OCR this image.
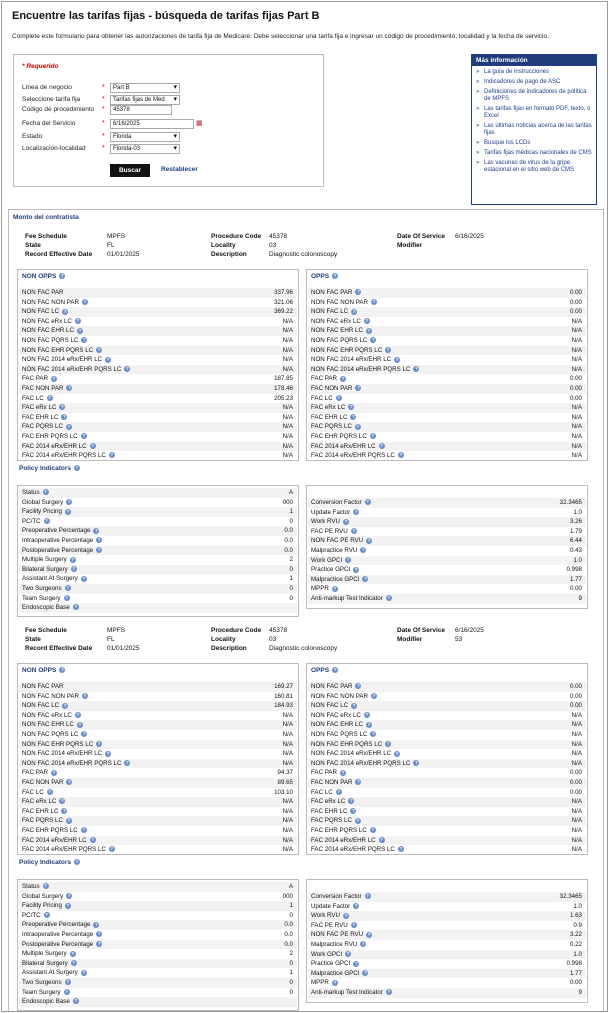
Encuentre las tarifas fijas - búsqueda de tarifas fijas Part B
Complete este formulario para obtener las autorizaciones de tarifa fija de Medicare. Debe seleccionar una tarifa fija e ingresar un código de procedimiento, localidad y la fecha de servicio.
* Requerido
Línea de negocio	*	Part B	▾
Seleccione tarifa fija	*	Tarifas fijas de Med ▾
Código de procedimiento *	45378
Fecha del Servicio	*	6/16/2025	▦
Estado	*	Florida	▾
Localización-localidad *	Florida-03	▾
Buscar	Restablecer
Más información
» La guía de instrucciones
» Indicadores de pago de ASC
» Definiciones de indicadores de política de MPFS
» Las tarifas fijas en formato PDF, texto, o Excel
» Las últimas noticias acerca de las tarifas fijas
» Busque los LCDs
» Tarifas fijas médicas nacionales de CMS
» Las vacunas de virus de la gripe estacional en el sitio web de CMS
Monto del contratista
Fee Schedule	MPFS	Procedure Code 45378	Date Of Service 6/16/2025
State	FL	Locality	03	Modifier
Record Effective Date 01/01/2025	Description	Diagnostic colonoscopy
NON OPPS ?
NON FAC PAR	337.96
NON FAC NON PAR ?	321.06
NON FAC LC ?	369.22
NON FAC eRx LC ?	N/A
NON FAC EHR LC ?	N/A
NON FAC PQRS LC ?	N/A
NON FAC EHR PQRS LC ?	N/A
NON FAC 2014 eRx/EHR LC ?	N/A
NON FAC 2014 eRx/EHR PQRS LC ?	N/A
FAC PAR ?	187.85
FAC NON PAR ?	178.46
FAC LC ?	205.23
FAC eRx LC ?	N/A
FAC EHR LC ?	N/A
FAC PQRS LC ?	N/A
FAC EHR PQRS LC ?	N/A
FAC 2014 eRx/EHR LC ?	N/A
FAC 2014 eRx/EHR PQRS LC ?	N/A
OPPS ?
NON FAC PAR ?	0.00
NON FAC NON PAR ?	0.00
NON FAC LC ?	0.00
NON FAC eRx LC ?	N/A
NON FAC EHR LC ?	N/A
NON FAC PQRS LC ?	N/A
NON FAC EHR PQRS LC ?	N/A
NON FAC 2014 eRx/EHR LC ?	N/A
NON FAC 2014 eRx/EHR PQRS LC ?	N/A
FAC PAR ?	0.00
FAC NON PAR ?	0.00
FAC LC ?	0.00
FAC eRx LC ?	N/A
FAC EHR LC ?	N/A
FAC PQRS LC ?	N/A
FAC EHR PQRS LC ?	N/A
FAC 2014 eRx/EHR LC ?	N/A
FAC 2014 eRx/EHR PQRS LC ?	N/A
Policy Indicators ?
Status ?	A
Global Surgery ?	000
Facility Pricing ?	1
PC/TC ?	0
Preoperative Percentage ?	0.0
Intraoperative Percentage ?	0.0
Postoperative Percentage ?	0.0
Multiple Surgery ?	2
Bilateral Surgery ?	0
Assistant At Surgery ?	1
Two Surgeons ?	0
Team Surgery ?	0
Endoscopic Base ?
Conversion Factor ?	32.3465
Update Factor ?	1.0
Work RVU ?	3.26
FAC PE RVU ?	1.79
NON FAC PE RVU ?	6.44
Malpractice RVU ?	0.43
Work GPCI ?	1.0
Practice GPCI ?	0.998
Malpractice GPCI ?	1.77
MPPR ?	0.00
Anti-markup Test Indicator ?	9
Fee Schedule	MPFS	Procedure Code 45378	Date Of Service 6/16/2025
State	FL	Locality	03	Modifier	53
Record Effective Date 01/01/2025	Description	Diagnostic colonoscopy
NON OPPS ?
NON FAC PAR	169.27
NON FAC NON PAR ?	160.81
NON FAC LC ?	184.93
NON FAC eRx LC ?	N/A
NON FAC EHR LC ?	N/A
NON FAC PQRS LC ?	N/A
NON FAC EHR PQRS LC ?	N/A
NON FAC 2014 eRx/EHR LC ?	N/A
NON FAC 2014 eRx/EHR PQRS LC ?	N/A
FAC PAR ?	94.37
FAC NON PAR ?	89.65
FAC LC ?	103.10
FAC eRx LC ?	N/A
FAC EHR LC ?	N/A
FAC PQRS LC ?	N/A
FAC EHR PQRS LC ?	N/A
FAC 2014 eRx/EHR LC ?	N/A
FAC 2014 eRx/EHR PQRS LC ?	N/A
OPPS ?
NON FAC PAR ?	0.00
NON FAC NON PAR ?	0.00
NON FAC LC ?	0.00
NON FAC eRx LC ?	N/A
NON FAC EHR LC ?	N/A
NON FAC PQRS LC ?	N/A
NON FAC EHR PQRS LC ?	N/A
NON FAC 2014 eRx/EHR LC ?	N/A
NON FAC 2014 eRx/EHR PQRS LC ?	N/A
FAC PAR ?	0.00
FAC NON PAR ?	0.00
FAC LC ?	0.00
FAC eRx LC ?	N/A
FAC EHR LC ?	N/A
FAC PQRS LC ?	N/A
FAC EHR PQRS LC ?	N/A
FAC 2014 eRx/EHR LC ?	N/A
FAC 2014 eRx/EHR PQRS LC ?	N/A
Policy Indicators ?
Status ?	A
Global Surgery ?	000
Facility Pricing ?	1
PC/TC ?	0
Preoperative Percentage ?	0.0
Intraoperative Percentage ?	0.0
Postoperative Percentage ?	0.0
Multiple Surgery ?	2
Bilateral Surgery ?	0
Assistant At Surgery ?	1
Two Surgeons ?	0
Team Surgery ?	0
Endoscopic Base ?
Conversion Factor ?	32.3465
Update Factor ?	1.0
Work RVU ?	1.63
FAC PE RVU ?	0.9
NON FAC PE RVU ?	3.22
Malpractice RVU ?	0.22
Work GPCI ?	1.0
Practice GPCI ?	0.998
Malpractice GPCI ?	1.77
MPPR ?	0.00
Anti-markup Test Indicator ?	9
